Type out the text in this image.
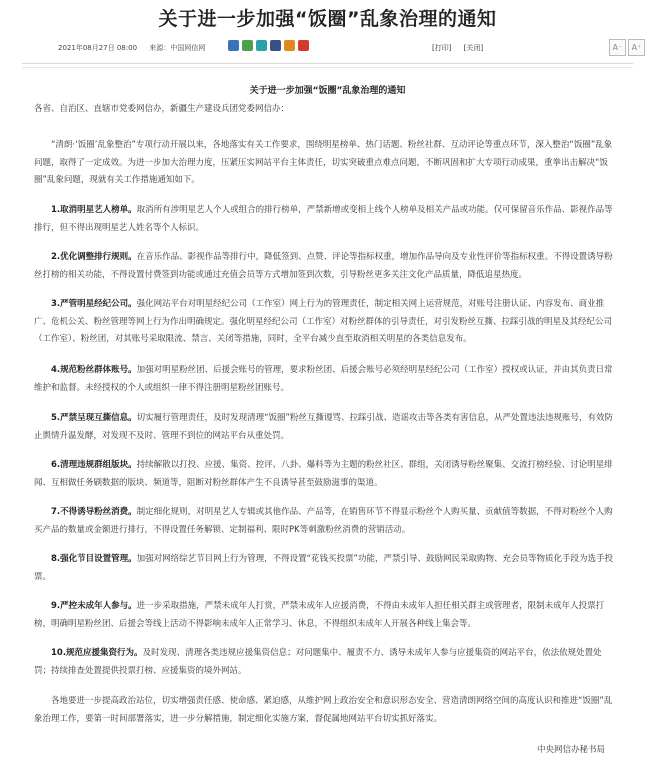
关于进一步加强“饭圈”乱象治理的通知
2021年08月27日 08:00 来源：中国网信网	[打印] [关闭]	A⁻	A⁺
关于进一步加强“饭圈”乱象治理的通知
各省、自治区、直辖市党委网信办，新疆生产建设兵团党委网信办：
“清朗·‘饭圈’乱象整治”专项行动开展以来，各地落实有关工作要求，围绕明星榜单、热门话题、粉丝社群、互动评论等重点环节，深入整治“饭圈”乱象问题，取得了一定成效。为进一步加大治理力度，压紧压实网站平台主体责任，切实突破重点难点问题，不断巩固和扩大专项行动成果，重拳出击解决“饭圈”乱象问题，现就有关工作措施通知如下。
1.取消明星艺人榜单。取消所有涉明星艺人个人或组合的排行榜单，严禁新增或变相上线个人榜单及相关产品或功能。仅可保留音乐作品、影视作品等排行，但不得出现明星艺人姓名等个人标识。
2.优化调整排行规则。在音乐作品、影视作品等排行中，降低签到、点赞、评论等指标权重，增加作品导向及专业性评价等指标权重。不得设置诱导粉丝打榜的相关功能，不得设置付费签到功能或通过充值会员等方式增加签到次数，引导粉丝更多关注文化产品质量，降低追星热度。
3.严管明星经纪公司。强化网站平台对明星经纪公司（工作室）网上行为的管理责任，制定相关网上运营规范，对账号注册认证、内容发布、商业推广、危机公关、粉丝管理等网上行为作出明确规定。强化明星经纪公司（工作室）对粉丝群体的引导责任，对引发粉丝互撕、拉踩引战的明星及其经纪公司（工作室）、粉丝团，对其账号采取限流、禁言、关闭等措施，同时，全平台减少直至取消相关明星的各类信息发布。
4.规范粉丝群体账号。加强对明星粉丝团、后援会账号的管理，要求粉丝团、后援会账号必须经明星经纪公司（工作室）授权或认证，并由其负责日常维护和监督。未经授权的个人或组织一律不得注册明星粉丝团账号。
5.严禁呈现互撕信息。切实履行管理责任，及时发现清理“饭圈”粉丝互撕谩骂、拉踩引战、造谣攻击等各类有害信息，从严处置违法违规账号，有效防止舆情升温发酵，对发现不及时、管理不到位的网站平台从重处罚。
6.清理违规群组版块。持续解散以打投、应援、集资、控评、八卦、爆料等为主题的粉丝社区、群组，关闭诱导粉丝聚集、交流打榜经验、讨论明星绯闻、互相做任务刷数据的版块、频道等，阻断对粉丝群体产生不良诱导甚至鼓励滋事的渠道。
7.不得诱导粉丝消费。制定细化规则，对明星艺人专辑或其他作品、产品等，在销售环节不得显示粉丝个人购买量、贡献值等数据，不得对粉丝个人购买产品的数量或金额进行排行，不得设置任务解锁、定制福利、限时PK等刺激粉丝消费的营销活动。
8.强化节目设置管理。加强对网络综艺节目网上行为管理，不得设置“花钱买投票”功能，严禁引导、鼓励网民采取购物、充会员等物质化手段为选手投票。
9.严控未成年人参与。进一步采取措施，严禁未成年人打赏，严禁未成年人应援消费，不得由未成年人担任相关群主或管理者，限制未成年人投票打榜，明确明星粉丝团、后援会等线上活动不得影响未成年人正常学习、休息，不得组织未成年人开展各种线上集会等。
10.规范应援集资行为。及时发现、清理各类违规应援集资信息；对问题集中、履责不力、诱导未成年人参与应援集资的网站平台，依法依规处置处罚；持续排查处置提供投票打榜、应援集资的境外网站。
各地要进一步提高政治站位，切实增强责任感、使命感、紧迫感，从维护网上政治安全和意识形态安全、营造清朗网络空间的高度认识和推进“饭圈”乱象治理工作，要第一时间部署落实，进一步分解措施，制定细化实施方案，督促属地网站平台切实抓好落实。
中央网信办秘书局
